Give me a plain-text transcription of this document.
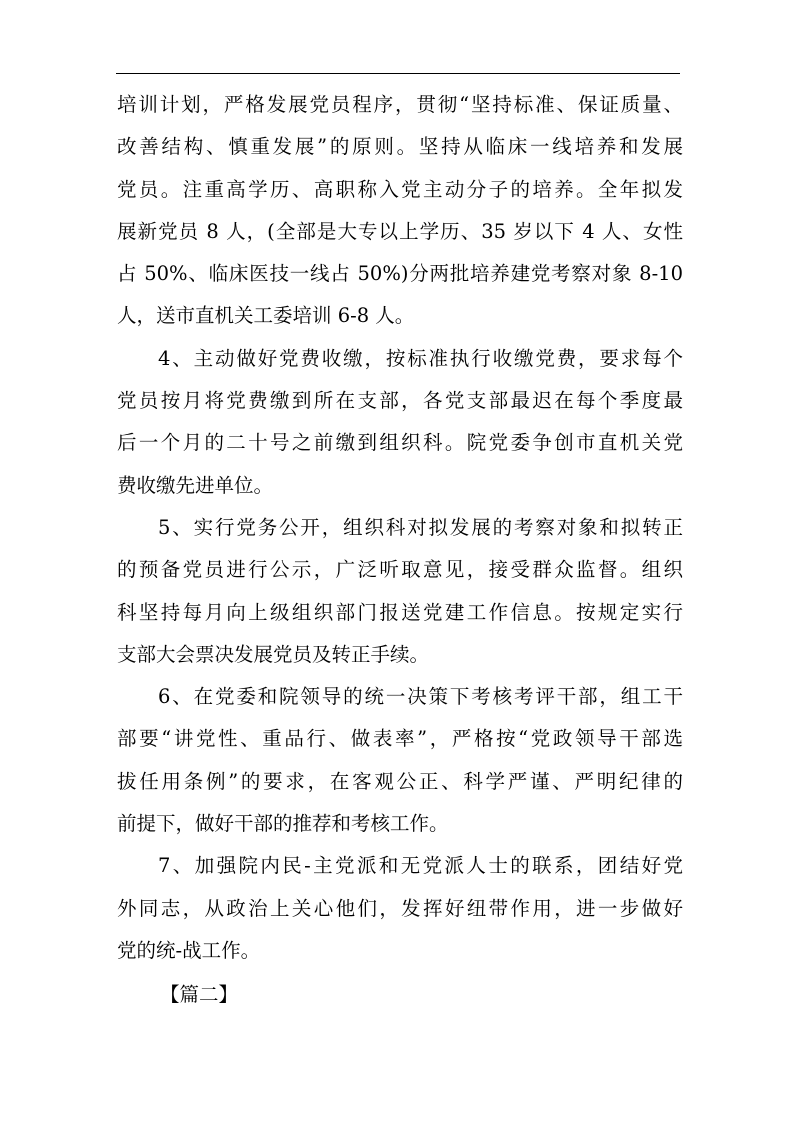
培训计划，严格发展党员程序，贯彻“坚持标准、保证质量、
改善结构、慎重发展”的原则。坚持从临床一线培养和发展
党员。注重高学历、高职称入党主动分子的培养。全年拟发
展新党员 8 人，(全部是大专以上学历、35 岁以下 4 人、女性
占 50%、临床医技一线占 50%)分两批培养建党考察对象 8-10
人，送市直机关工委培训 6-8 人。
4、主动做好党费收缴，按标准执行收缴党费，要求每个
党员按月将党费缴到所在支部，各党支部最迟在每个季度最
后一个月的二十号之前缴到组织科。院党委争创市直机关党
费收缴先进单位。
5、实行党务公开，组织科对拟发展的考察对象和拟转正
的预备党员进行公示，广泛听取意见，接受群众监督。组织
科坚持每月向上级组织部门报送党建工作信息。按规定实行
支部大会票决发展党员及转正手续。
6、在党委和院领导的统一决策下考核考评干部，组工干
部要“讲党性、重品行、做表率”，严格按“党政领导干部选
拔任用条例”的要求，在客观公正、科学严谨、严明纪律的
前提下，做好干部的推荐和考核工作。
7、加强院内民-主党派和无党派人士的联系，团结好党
外同志，从政治上关心他们，发挥好纽带作用，进一步做好
党的统-战工作。
【篇二】
